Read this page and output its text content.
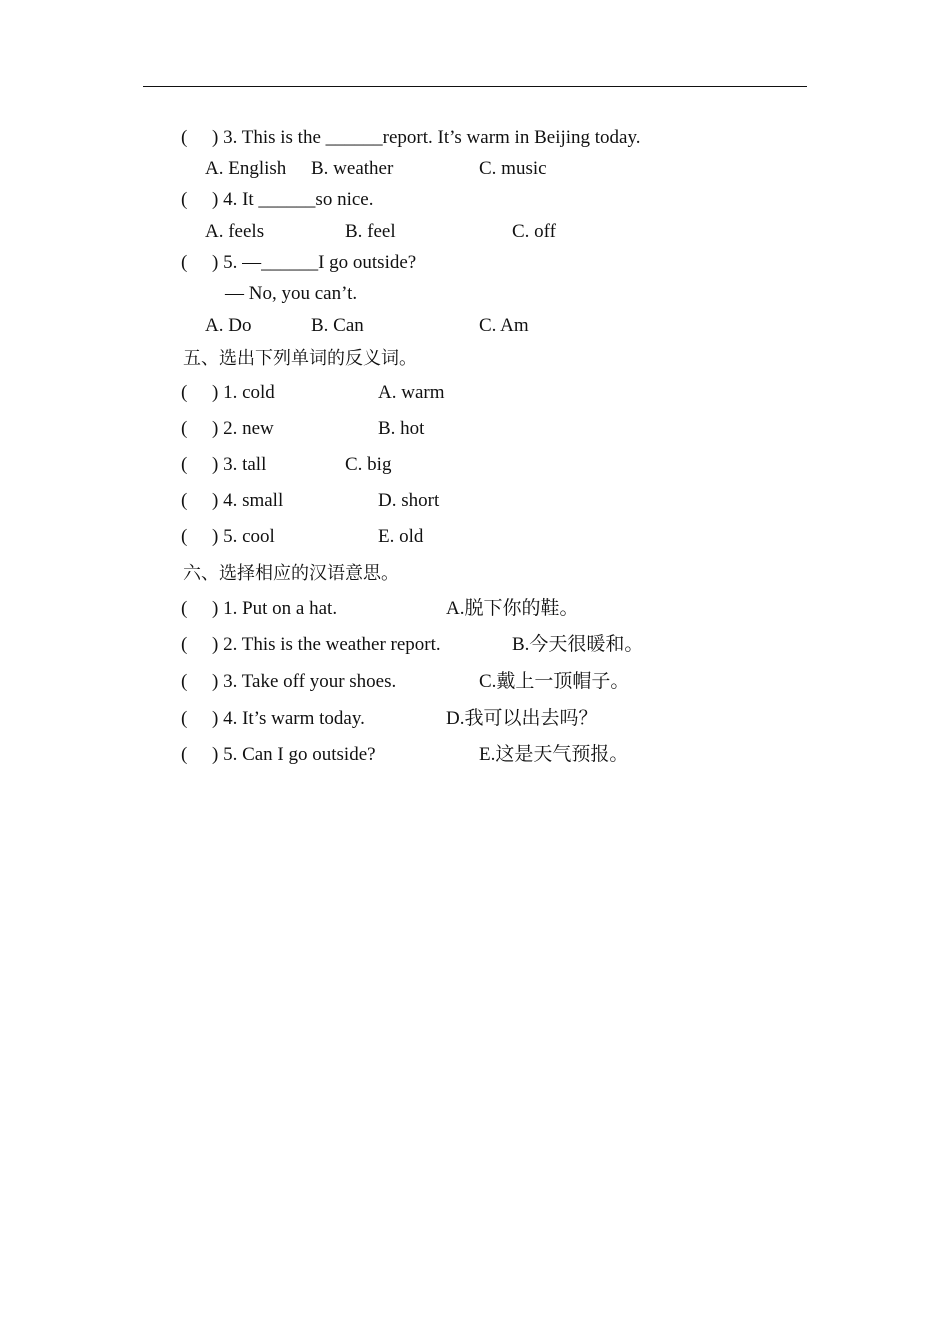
( ) 3. This is the ______report. It’s warm in Beijing today.
A. English B. weather	C. music
( ) 4. It ______so nice.
A. feels	B. feel	C. off
( ) 5. —______I go outside?
— No, you can’t.
A. Do	B. Can	C. Am
五、选出下列单词的反义词。
( ) 1. cold	A. warm
( ) 2. new	B. hot
( ) 3. tall	C. big
( ) 4. small	D. short
( ) 5. cool	E. old
六、选择相应的汉语意思。
( ) 1. Put on a hat.	A.脱下你的鞋。
( ) 2. This is the weather report.	B.今天很暖和。
( ) 3. Take off your shoes.	C.戴上一顶帽子。
( ) 4. It’s warm today.	D.我可以出去吗？
( ) 5. Can I go outside?	E.这是天气预报。
